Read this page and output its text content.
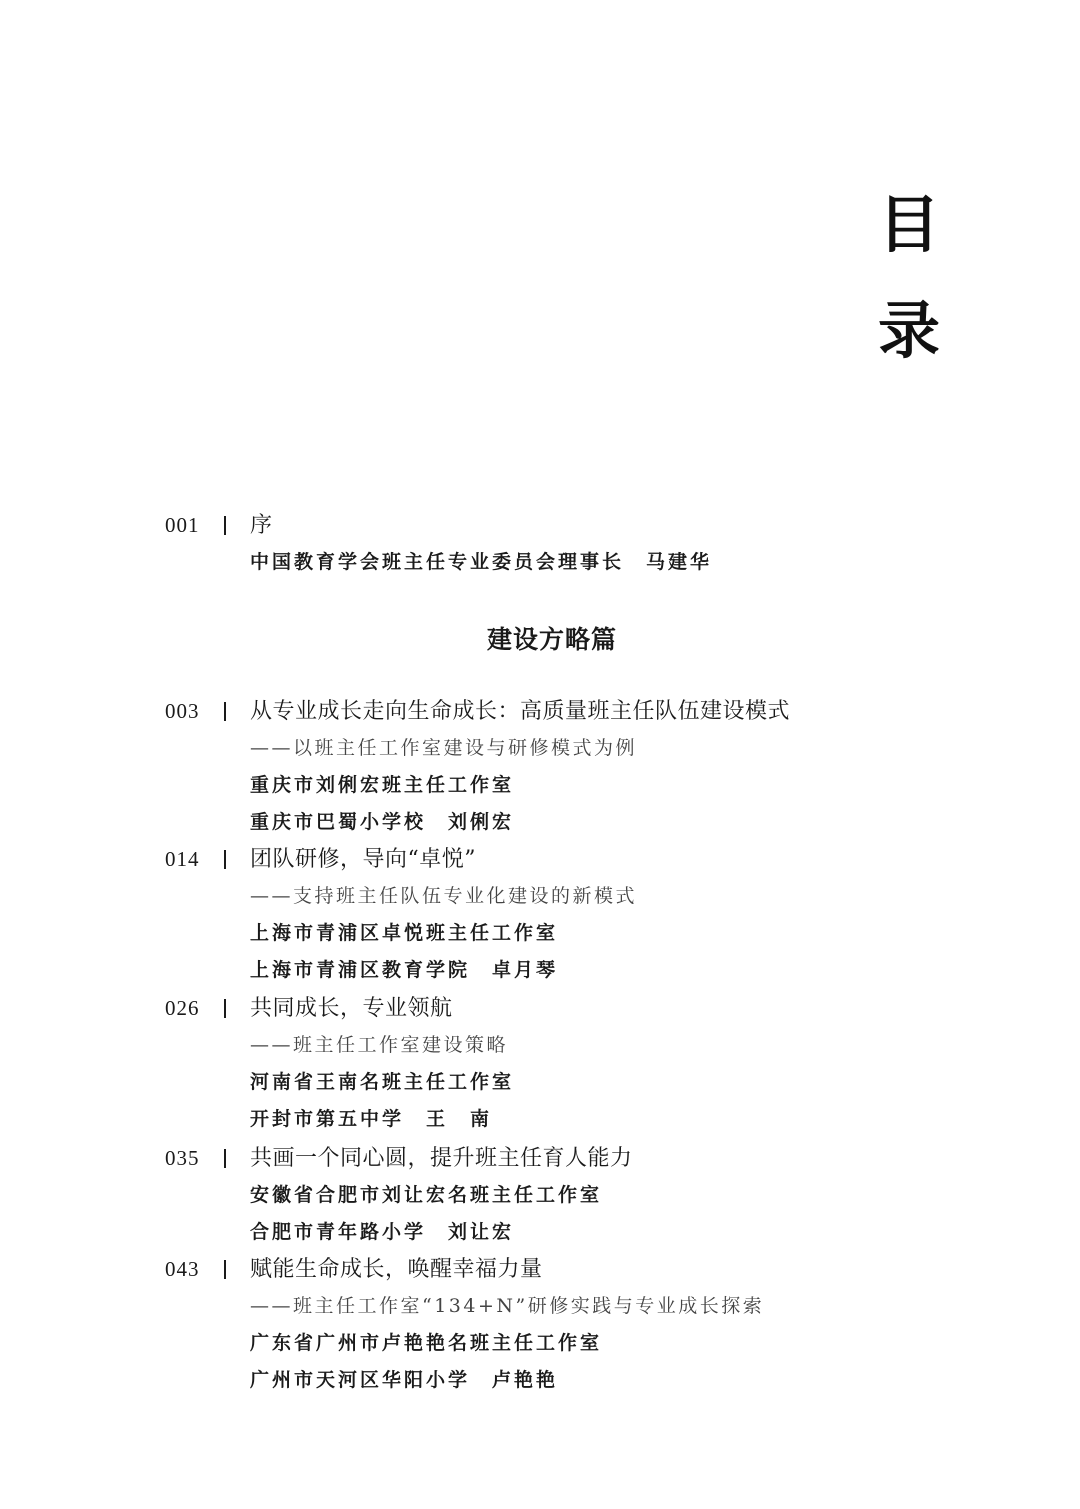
目
录
001 序
中国教育学会班主任专业委员会理事长　马建华
建设方略篇
003 从专业成长走向生命成长：高质量班主任队伍建设模式
——以班主任工作室建设与研修模式为例
重庆市刘俐宏班主任工作室
重庆市巴蜀小学校　刘俐宏
014 团队研修，导向“卓悦”
——支持班主任队伍专业化建设的新模式
上海市青浦区卓悦班主任工作室
上海市青浦区教育学院　卓月琴
026 共同成长，专业领航
——班主任工作室建设策略
河南省王南名班主任工作室
开封市第五中学　王　南
035 共画一个同心圆，提升班主任育人能力
安徽省合肥市刘让宏名班主任工作室
合肥市青年路小学　刘让宏
043 赋能生命成长，唤醒幸福力量
——班主任工作室“134+N”研修实践与专业成长探索
广东省广州市卢艳艳名班主任工作室
广州市天河区华阳小学　卢艳艳
